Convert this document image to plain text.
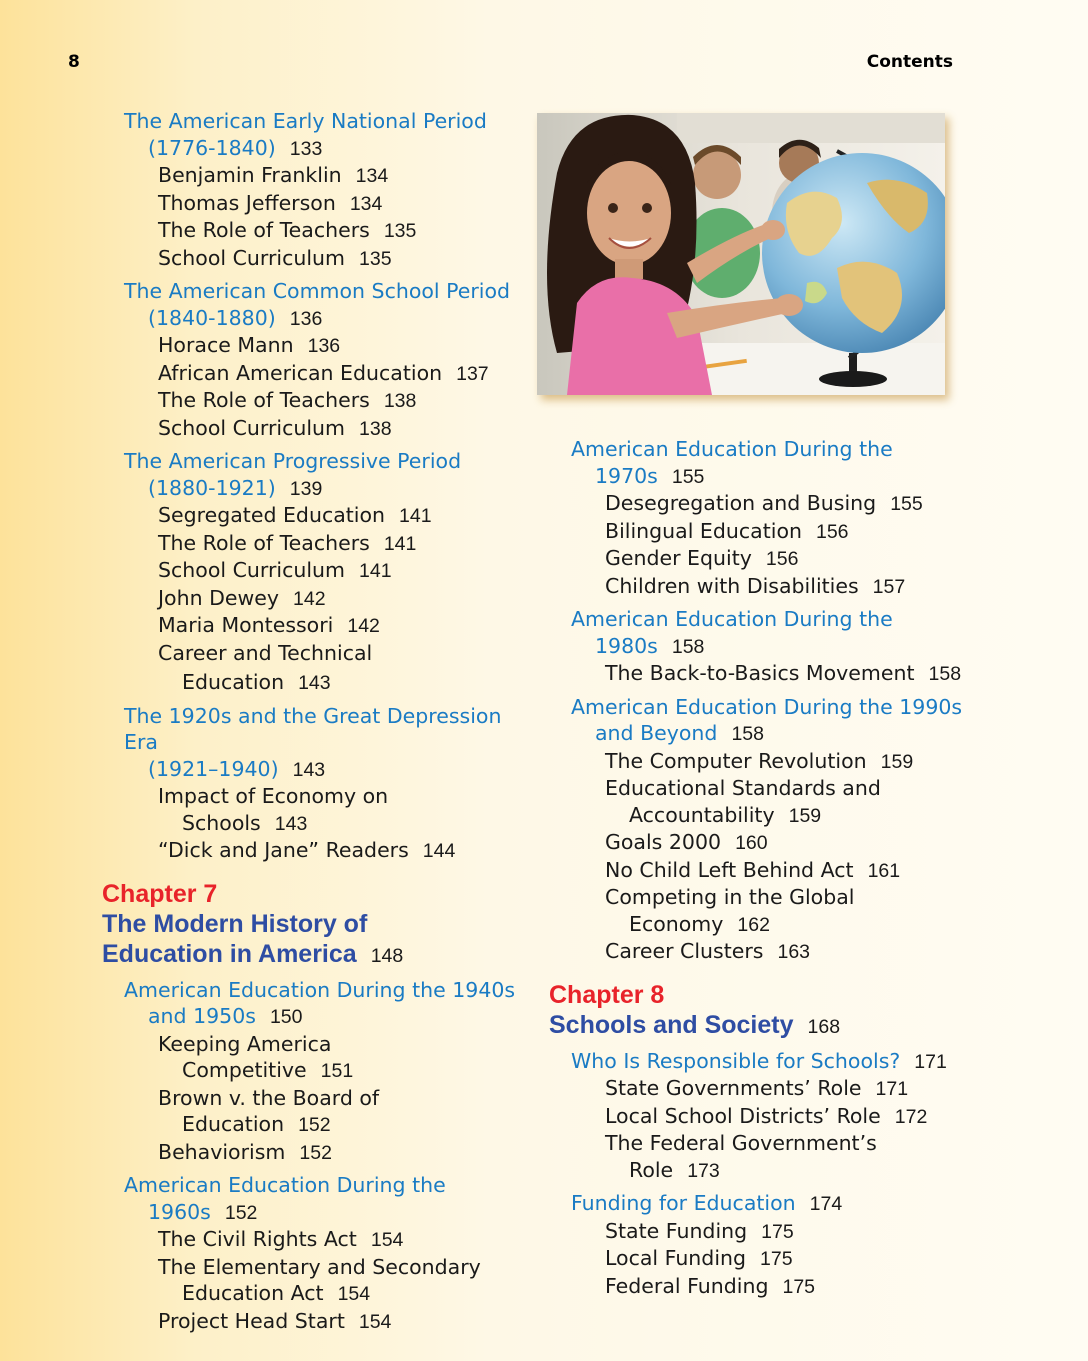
8	Contents
The American Early National Period
(1776-1840) 133
Benjamin Franklin 134
Thomas Jefferson 134
The Role of Teachers 135
School Curriculum 135
The American Common School Period
(1840-1880) 136
Horace Mann 136
African American Education 137
The Role of Teachers 138
School Curriculum 138
The American Progressive Period
(1880-1921) 139
Segregated Education 141
The Role of Teachers 141
School Curriculum 141
John Dewey 142
Maria Montessori 142
Career and Technical
Education 143
The 1920s and the Great Depression Era
(1921–1940) 143
Impact of Economy on
Schools 143
“Dick and Jane” Readers 144
Chapter 7
The Modern History of
Education in America 148
American Education During the 1940s
and 1950s 150
Keeping America
Competitive 151
Brown v. the Board of
Education 152
Behaviorism 152
American Education During the
1960s 152
The Civil Rights Act 154
The Elementary and Secondary
Education Act 154
Project Head Start 154
American Education During the
1970s 155
Desegregation and Busing 155
Bilingual Education 156
Gender Equity 156
Children with Disabilities 157
American Education During the
1980s 158
The Back-to-Basics Movement 158
American Education During the 1990s
and Beyond 158
The Computer Revolution 159
Educational Standards and
Accountability 159
Goals 2000 160
No Child Left Behind Act 161
Competing in the Global
Economy 162
Career Clusters 163
Chapter 8
Schools and Society 168
Who Is Responsible for Schools? 171
State Governments’ Role 171
Local School Districts’ Role 172
The Federal Government’s
Role 173
Funding for Education 174
State Funding 175
Local Funding 175
Federal Funding 175
